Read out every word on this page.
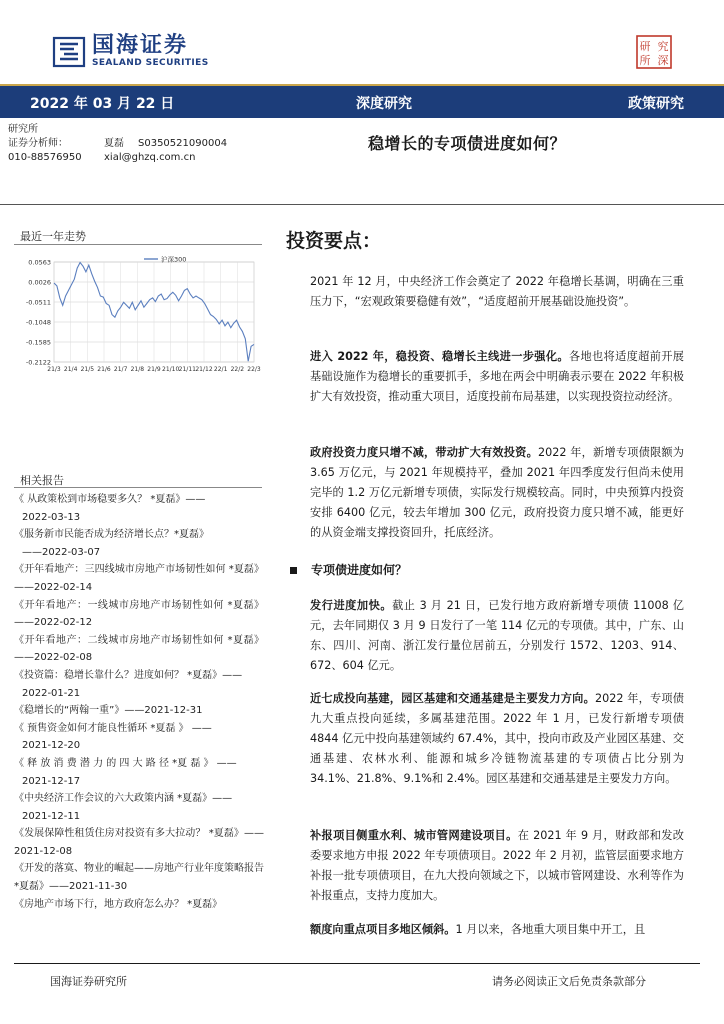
国海证券
SEALAND SECURITIES
研 究
所 深
2022 年 03 月 22 日	深度研究	政策研究
研究所
证券分析师：	夏磊	S0350521090004
010-88576950	xial@ghzq.com.cn
稳增长的专项债进度如何？
最近一年走势
0.0563
0.0026
-0.0511
-0.1048
-0.1585
-0.2122
21/3 21/4 21/5 21/6 21/7 21/8 21/9 21/10 21/11 21/12 22/1 22/2 22/3
沪深300
相关报告
《 从政策松到市场稳要多久？ *夏磊》——
2022-03-13
《服务新市民能否成为经济增长点？*夏磊》
——2022-03-07
《开年看地产：三四线城市房地产市场韧性如何 *夏磊》——2022-02-14
《开年看地产：一线城市房地产市场韧性如何 *夏磊》——2022-02-12
《开年看地产：二线城市房地产市场韧性如何 *夏磊》——2022-02-08
《投资篇：稳增长靠什么？进度如何？ *夏磊》——
2022-01-21
《稳增长的“两翰一重”》——2021-12-31
《 预售资金如何才能良性循环 *夏磊 》 ——
2021-12-20
《 释 放 消 费 潜 力 的 四 大 路 径 *夏 磊 》 ——
2021-12-17
《中央经济工作会议的六大政策内涵 *夏磊》——
2021-12-11
《发展保障性租赁住房对投资有多大拉动？ *夏磊》——2021-12-08
《开发的落寞、物业的崛起——房地产行业年度策略报告 *夏磊》——2021-11-30
《房地产市场下行，地方政府怎么办？ *夏磊》
投资要点：
2021 年 12 月，中央经济工作会奠定了 2022 年稳增长基调，明确在三重压力下，“宏观政策要稳健有效”，“适度超前开展基础设施投资”。
进入 2022 年，稳投资、稳增长主线进一步强化。各地也将适度超前开展基础设施作为稳增长的重要抓手，多地在两会中明确表示要在 2022 年积极扩大有效投资，推动重大项目，适度投前布局基建，以实现投资拉动经济。
政府投资力度只增不减，带动扩大有效投资。2022 年，新增专项债限额为 3.65 万亿元，与 2021 年规模持平，叠加 2021 年四季度发行但尚未使用完毕的 1.2 万亿元新增专项债，实际发行规模较高。同时，中央预算内投资安排 6400 亿元，较去年增加 300 亿元，政府投资力度只增不减，能更好的从资金端支撑投资回升，托底经济。
专项债进度如何？
发行进度加快。截止 3 月 21 日，已发行地方政府新增专项债 11008 亿元，去年同期仅 3 月 9 日发行了一笔 114 亿元的专项债。其中，广东、山东、四川、河南、浙江发行量位居前五，分别发行 1572、1203、914、672、604 亿元。
近七成投向基建，园区基建和交通基建是主要发力方向。2022 年，专项债九大重点投向延续，多属基建范围。2022 年 1 月，已发行新增专项债 4844 亿元中投向基建领域约 67.4%，其中，投向市政及产业园区基建、交通基建、农林水利、能源和城乡冷链物流基建的专项债占比分别为 34.1%、21.8%、9.1%和 2.4%。园区基建和交通基建是主要发力方向。
补报项目侧重水利、城市管网建设项目。在 2021 年 9 月，财政部和发改委要求地方申报 2022 年专项债项目。2022 年 2 月初，监管层面要求地方补报一批专项债项目，在九大投向领域之下，以城市管网建设、水利等作为补报重点，支持力度加大。
额度向重点项目多地区倾斜。1 月以来，各地重大项目集中开工，且
国海证券研究所	请务必阅读正文后免责条款部分
